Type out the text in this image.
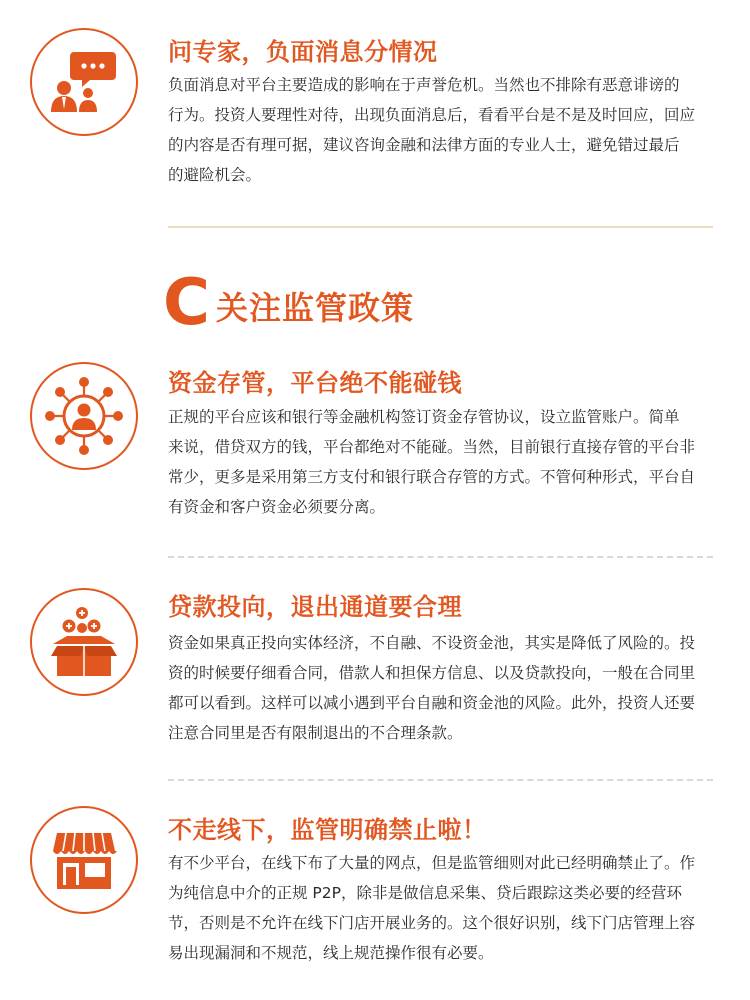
问专家，负面消息分情况
负面消息对平台主要造成的影响在于声誉危机。当然也不排除有恶意诽谤的
行为。投资人要理性对待，出现负面消息后，看看平台是不是及时回应，回应
的内容是否有理可据，建议咨询金融和法律方面的专业人士，避免错过最后
的避险机会。
C 关注监管政策
资金存管，平台绝不能碰钱
正规的平台应该和银行等金融机构签订资金存管协议，设立监管账户。简单
来说，借贷双方的钱，平台都绝对不能碰。当然，目前银行直接存管的平台非
常少，更多是采用第三方支付和银行联合存管的方式。不管何种形式，平台自
有资金和客户资金必须要分离。
贷款投向，退出通道要合理
资金如果真正投向实体经济，不自融、不设资金池，其实是降低了风险的。投
资的时候要仔细看合同，借款人和担保方信息、以及贷款投向，一般在合同里
都可以看到。这样可以减小遇到平台自融和资金池的风险。此外，投资人还要
注意合同里是否有限制退出的不合理条款。
不走线下，监管明确禁止啦！
有不少平台，在线下布了大量的网点，但是监管细则对此已经明确禁止了。作
为纯信息中介的正规 P2P，除非是做信息采集、贷后跟踪这类必要的经营环
节，否则是不允许在线下门店开展业务的。这个很好识别，线下门店管理上容
易出现漏洞和不规范，线上规范操作很有必要。
